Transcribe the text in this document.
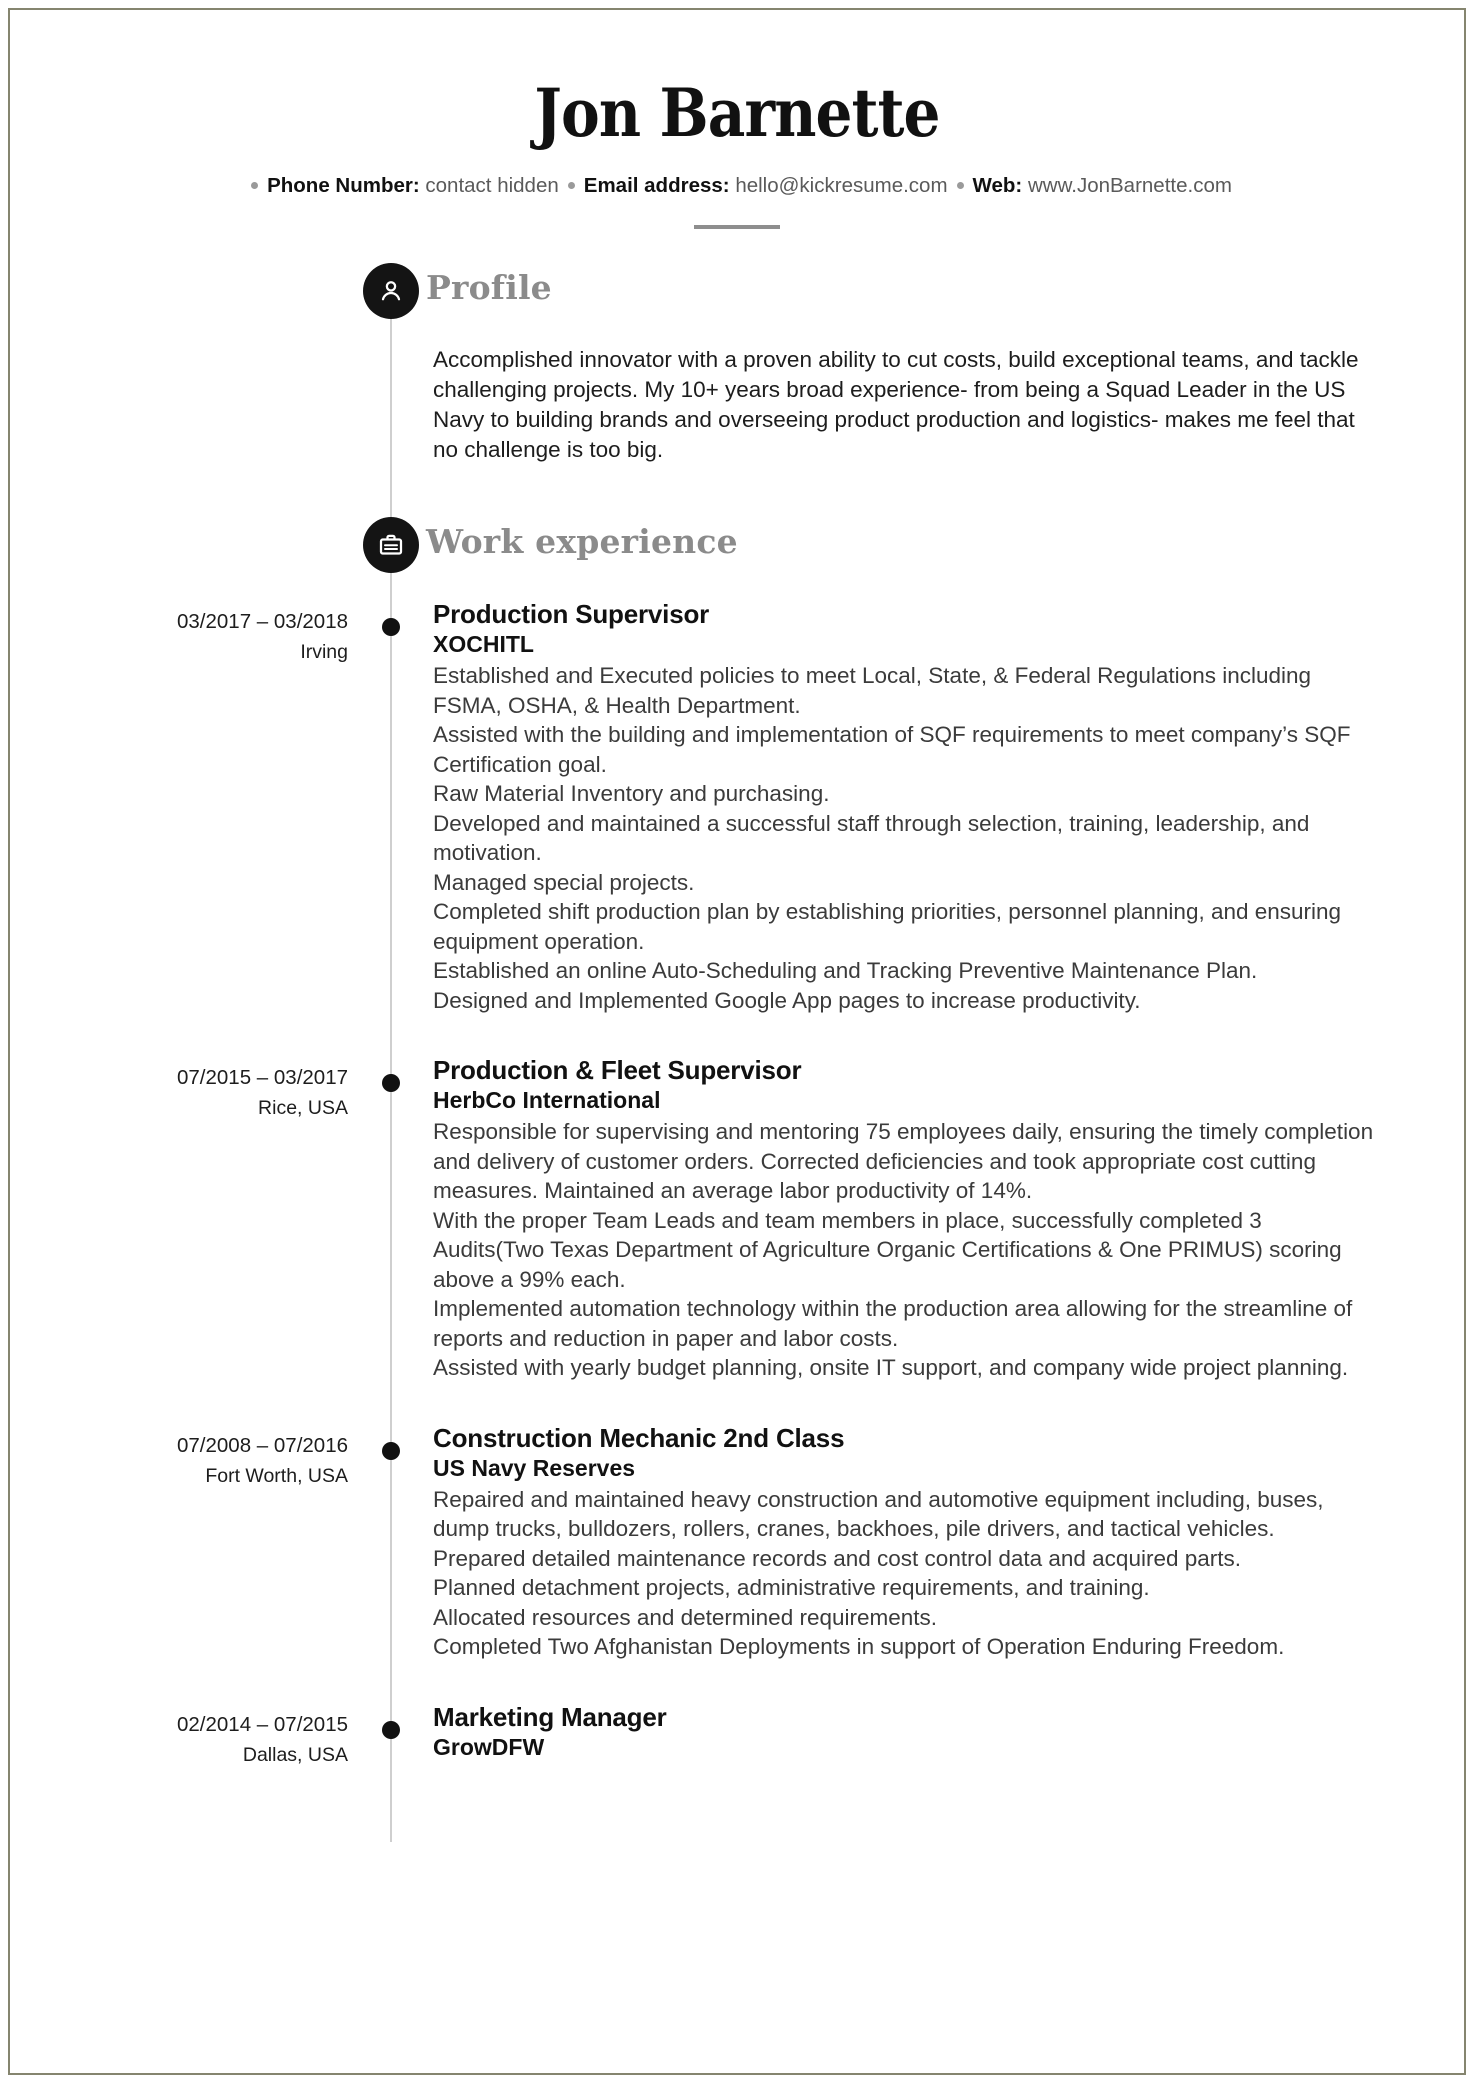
Jon Barnette
Phone Number: contact hidden Email address: hello@kickresume.com Web: www.JonBarnette.com
Profile
Accomplished innovator with a proven ability to cut costs, build exceptional teams, and tackle challenging projects. My 10+ years broad experience- from being a Squad Leader in the US Navy to building brands and overseeing product production and logistics- makes me feel that no challenge is too big.
Work experience
03/2017 – 03/2018
Irving
Production Supervisor
XOCHITL
Established and Executed policies to meet Local, State, & Federal Regulations including FSMA, OSHA, & Health Department.
Assisted with the building and implementation of SQF requirements to meet company’s SQF Certification goal.
Raw Material Inventory and purchasing.
Developed and maintained a successful staff through selection, training, leadership, and motivation.
Managed special projects.
Completed shift production plan by establishing priorities, personnel planning, and ensuring equipment operation.
Established an online Auto-Scheduling and Tracking Preventive Maintenance Plan.
Designed and Implemented Google App pages to increase productivity.
07/2015 – 03/2017
Rice, USA
Production & Fleet Supervisor
HerbCo International
Responsible for supervising and mentoring 75 employees daily, ensuring the timely completion and delivery of customer orders. Corrected deficiencies and took appropriate cost cutting measures. Maintained an average labor productivity of 14%.
With the proper Team Leads and team members in place, successfully completed 3 Audits(Two Texas Department of Agriculture Organic Certifications & One PRIMUS) scoring above a 99% each.
Implemented automation technology within the production area allowing for the streamline of reports and reduction in paper and labor costs.
Assisted with yearly budget planning, onsite IT support, and company wide project planning.
07/2008 – 07/2016
Fort Worth, USA
Construction Mechanic 2nd Class
US Navy Reserves
Repaired and maintained heavy construction and automotive equipment including, buses, dump trucks, bulldozers, rollers, cranes, backhoes, pile drivers, and tactical vehicles.
Prepared detailed maintenance records and cost control data and acquired parts.
Planned detachment projects, administrative requirements, and training.
Allocated resources and determined requirements.
Completed Two Afghanistan Deployments in support of Operation Enduring Freedom.
02/2014 – 07/2015
Dallas, USA
Marketing Manager
GrowDFW
